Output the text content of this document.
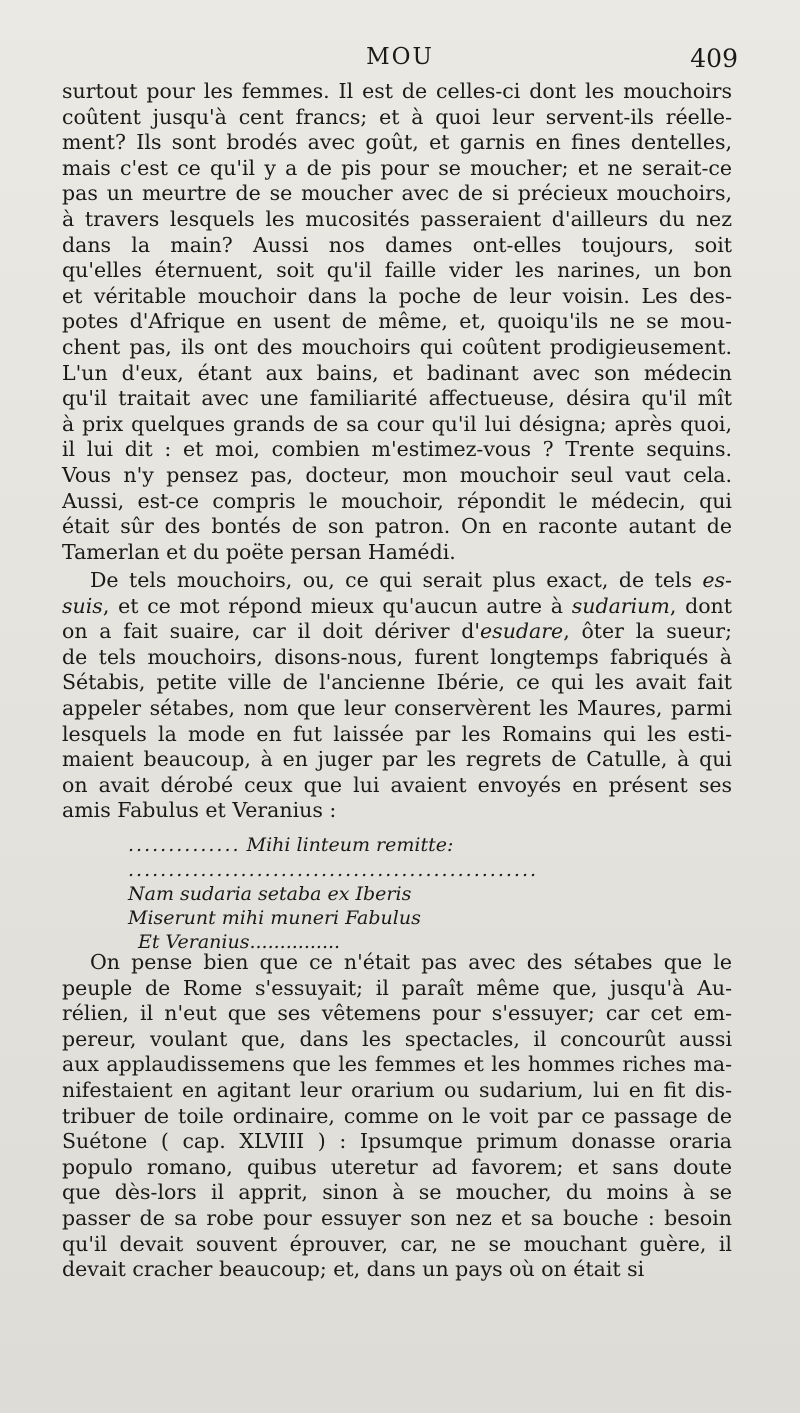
MOU	409
surtout pour les femmes. Il est de celles-ci dont les mouchoirs
coûtent jusqu'à cent francs; et à quoi leur servent-ils réelle-
ment? Ils sont brodés avec goût, et garnis en fines dentelles,
mais c'est ce qu'il y a de pis pour se moucher; et ne serait-ce
pas un meurtre de se moucher avec de si précieux mouchoirs,
à travers lesquels les mucosités passeraient d'ailleurs du nez
dans la main? Aussi nos dames ont-elles toujours, soit
qu'elles éternuent, soit qu'il faille vider les narines, un bon
et véritable mouchoir dans la poche de leur voisin. Les des-
potes d'Afrique en usent de même, et, quoiqu'ils ne se mou-
chent pas, ils ont des mouchoirs qui coûtent prodigieusement.
L'un d'eux, étant aux bains, et badinant avec son médecin
qu'il traitait avec une familiarité affectueuse, désira qu'il mît
à prix quelques grands de sa cour qu'il lui désigna; après quoi,
il lui dit : et moi, combien m'estimez-vous ? Trente sequins.
Vous n'y pensez pas, docteur, mon mouchoir seul vaut cela.
Aussi, est-ce compris le mouchoir, répondit le médecin, qui
était sûr des bontés de son patron. On en raconte autant de
Tamerlan et du poëte persan Hamédi.
De tels mouchoirs, ou, ce qui serait plus exact, de tels es-
suis, et ce mot répond mieux qu'aucun autre à sudarium, dont
on a fait suaire, car il doit dériver d'esudare, ôter la sueur;
de tels mouchoirs, disons-nous, furent longtemps fabriqués à
Sétabis, petite ville de l'ancienne Ibérie, ce qui les avait fait
appeler sétabes, nom que leur conservèrent les Maures, parmi
lesquels la mode en fut laissée par les Romains qui les esti-
maient beaucoup, à en juger par les regrets de Catulle, à qui
on avait dérobé ceux que lui avaient envoyés en présent ses
amis Fabulus et Veranius :
.............. Mihi linteum remitte:
...................................................
Nam sudaria setaba ex Iberis
Miserunt mihi muneri Fabulus
Et Veranius...............
On pense bien que ce n'était pas avec des sétabes que le
peuple de Rome s'essuyait; il paraît même que, jusqu'à Au-
rélien, il n'eut que ses vêtemens pour s'essuyer; car cet em-
pereur, voulant que, dans les spectacles, il concourût aussi
aux applaudissemens que les femmes et les hommes riches ma-
nifestaient en agitant leur orarium ou sudarium, lui en fit dis-
tribuer de toile ordinaire, comme on le voit par ce passage de
Suétone ( cap. XLVIII ) : Ipsumque primum donasse oraria
populo romano, quibus uteretur ad favorem; et sans doute
que dès-lors il apprit, sinon à se moucher, du moins à se
passer de sa robe pour essuyer son nez et sa bouche : besoin
qu'il devait souvent éprouver, car, ne se mouchant guère, il
devait cracher beaucoup; et, dans un pays où on était si
